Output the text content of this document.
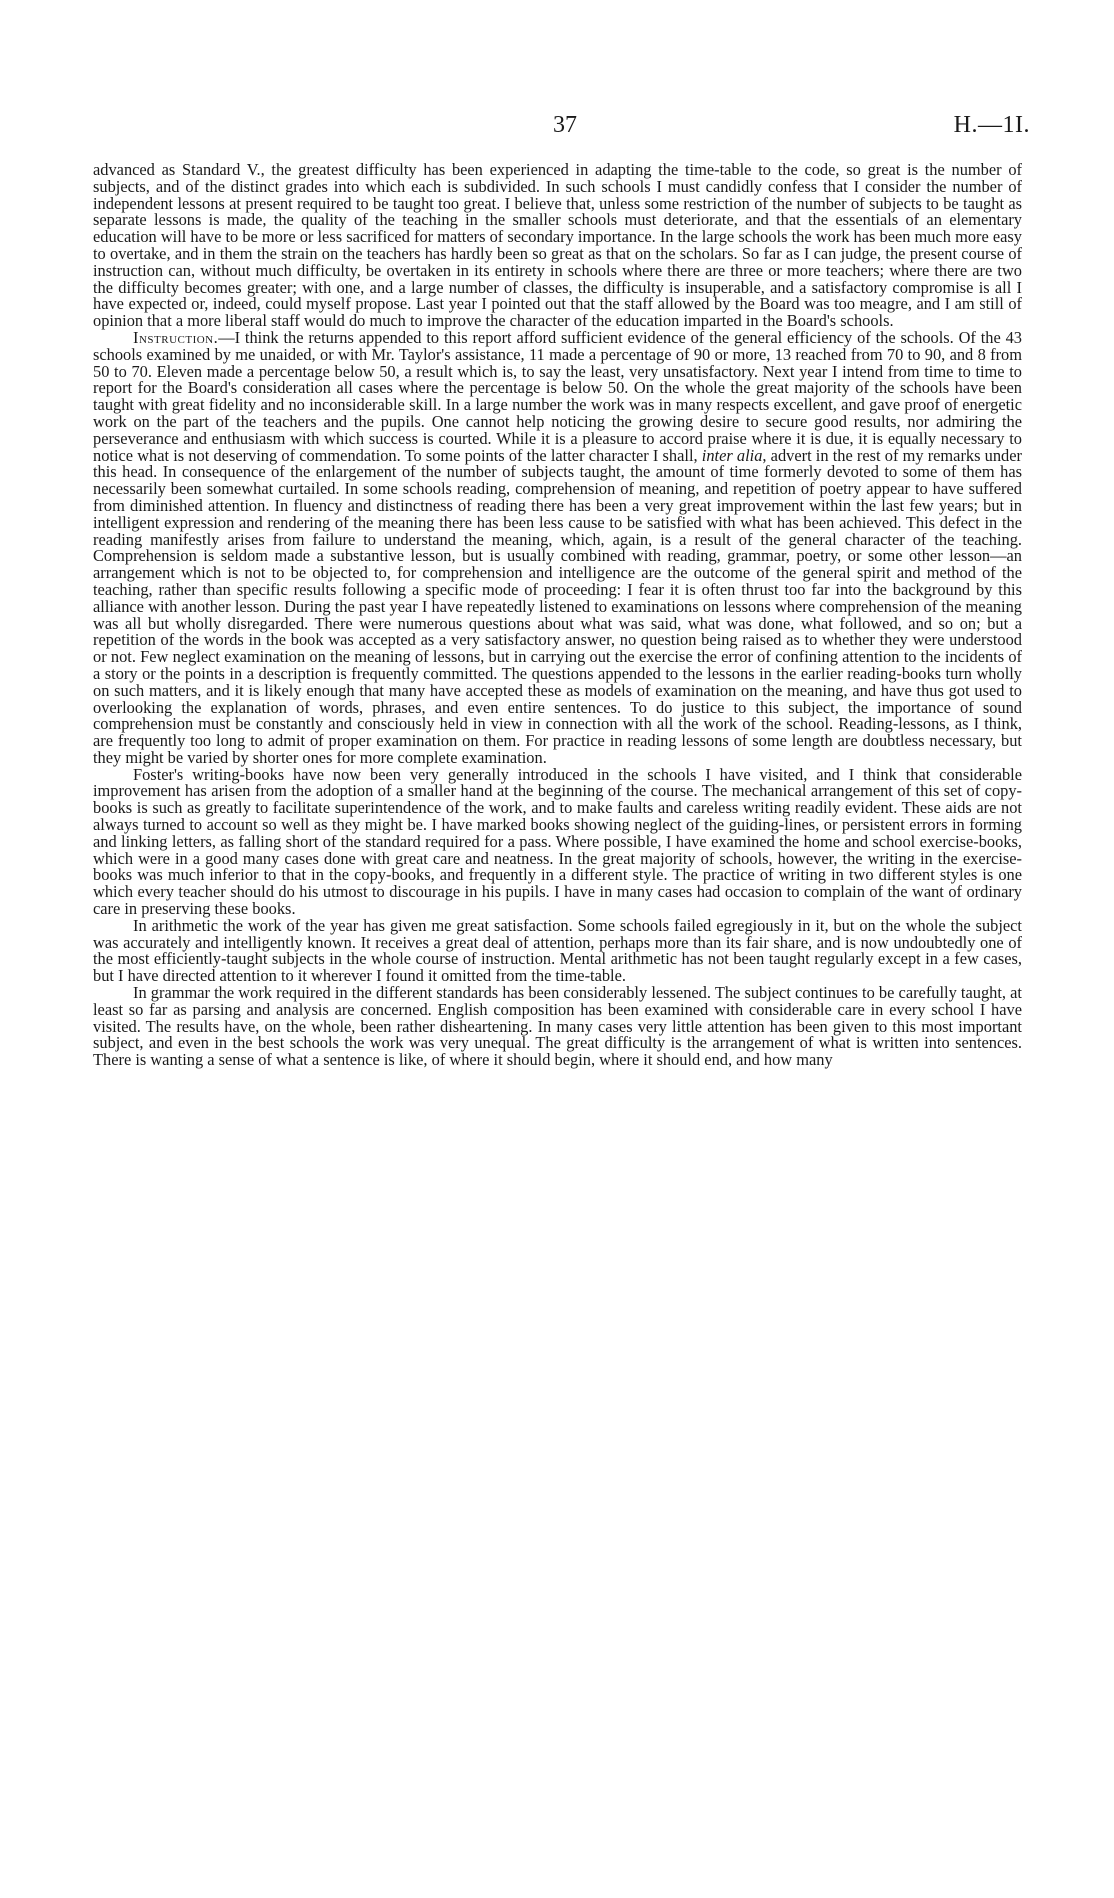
37	H.—1I.

advanced as Standard V., the greatest difficulty has been experienced in adapting the time-table to the code, so great is the number of subjects, and of the distinct grades into which each is subdivided. In such schools I must candidly confess that I consider the number of independent lessons at present required to be taught too great. I believe that, unless some restriction of the number of subjects to be taught as separate lessons is made, the quality of the teaching in the smaller schools must deteriorate, and that the essentials of an elementary education will have to be more or less sacrificed for matters of secondary importance. In the large schools the work has been much more easy to overtake, and in them the strain on the teachers has hardly been so great as that on the scholars. So far as I can judge, the present course of instruction can, without much difficulty, be overtaken in its entirety in schools where there are three or more teachers; where there are two the difficulty becomes greater; with one, and a large number of classes, the difficulty is insuperable, and a satisfactory compromise is all I have expected or, indeed, could myself propose. Last year I pointed out that the staff allowed by the Board was too meagre, and I am still of opinion that a more liberal staff would do much to improve the character of the education imparted in the Board's schools.

Instruction.—I think the returns appended to this report afford sufficient evidence of the general efficiency of the schools. Of the 43 schools examined by me unaided, or with Mr. Taylor's assistance, 11 made a percentage of 90 or more, 13 reached from 70 to 90, and 8 from 50 to 70. Eleven made a percentage below 50, a result which is, to say the least, very unsatisfactory. Next year I intend from time to time to report for the Board's consideration all cases where the percentage is below 50. On the whole the great majority of the schools have been taught with great fidelity and no inconsiderable skill. In a large number the work was in many respects excellent, and gave proof of energetic work on the part of the teachers and the pupils. One cannot help noticing the growing desire to secure good results, nor admiring the perseverance and enthusiasm with which success is courted. While it is a pleasure to accord praise where it is due, it is equally necessary to notice what is not deserving of commendation. To some points of the latter character I shall, inter alia, advert in the rest of my remarks under this head. In consequence of the enlargement of the number of subjects taught, the amount of time formerly devoted to some of them has necessarily been somewhat curtailed. In some schools reading, comprehension of meaning, and repetition of poetry appear to have suffered from diminished attention. In fluency and distinctness of reading there has been a very great improvement within the last few years; but in intelligent expression and rendering of the meaning there has been less cause to be satisfied with what has been achieved. This defect in the reading manifestly arises from failure to understand the meaning, which, again, is a result of the general character of the teaching. Comprehension is seldom made a substantive lesson, but is usually combined with reading, grammar, poetry, or some other lesson—an arrangement which is not to be objected to, for comprehension and intelligence are the outcome of the general spirit and method of the teaching, rather than specific results following a specific mode of proceeding: I fear it is often thrust too far into the background by this alliance with another lesson. During the past year I have repeatedly listened to examinations on lessons where comprehension of the meaning was all but wholly disregarded. There were numerous questions about what was said, what was done, what followed, and so on; but a repetition of the words in the book was accepted as a very satisfactory answer, no question being raised as to whether they were understood or not. Few neglect examination on the meaning of lessons, but in carrying out the exercise the error of confining attention to the incidents of a story or the points in a description is frequently committed. The questions appended to the lessons in the earlier reading-books turn wholly on such matters, and it is likely enough that many have accepted these as models of examination on the meaning, and have thus got used to overlooking the explanation of words, phrases, and even entire sentences. To do justice to this subject, the importance of sound comprehension must be constantly and consciously held in view in connection with all the work of the school. Reading-lessons, as I think, are frequently too long to admit of proper examination on them. For practice in reading lessons of some length are doubtless necessary, but they might be varied by shorter ones for more complete examination.

Foster's writing-books have now been very generally introduced in the schools I have visited, and I think that considerable improvement has arisen from the adoption of a smaller hand at the beginning of the course. The mechanical arrangement of this set of copy-books is such as greatly to facilitate superintendence of the work, and to make faults and careless writing readily evident. These aids are not always turned to account so well as they might be. I have marked books showing neglect of the guiding-lines, or persistent errors in forming and linking letters, as falling short of the standard required for a pass. Where possible, I have examined the home and school exercise-books, which were in a good many cases done with great care and neatness. In the great majority of schools, however, the writing in the exercise-books was much inferior to that in the copy-books, and frequently in a different style. The practice of writing in two different styles is one which every teacher should do his utmost to discourage in his pupils. I have in many cases had occasion to complain of the want of ordinary care in preserving these books.

In arithmetic the work of the year has given me great satisfaction. Some schools failed egregiously in it, but on the whole the subject was accurately and intelligently known. It receives a great deal of attention, perhaps more than its fair share, and is now undoubtedly one of the most efficiently-taught subjects in the whole course of instruction. Mental arithmetic has not been taught regularly except in a few cases, but I have directed attention to it wherever I found it omitted from the time-table.

In grammar the work required in the different standards has been considerably lessened. The subject continues to be carefully taught, at least so far as parsing and analysis are concerned. English composition has been examined with considerable care in every school I have visited. The results have, on the whole, been rather disheartening. In many cases very little attention has been given to this most important subject, and even in the best schools the work was very unequal. The great difficulty is the arrangement of what is written into sentences. There is wanting a sense of what a sentence is like, of where it should begin, where it should end, and how many
